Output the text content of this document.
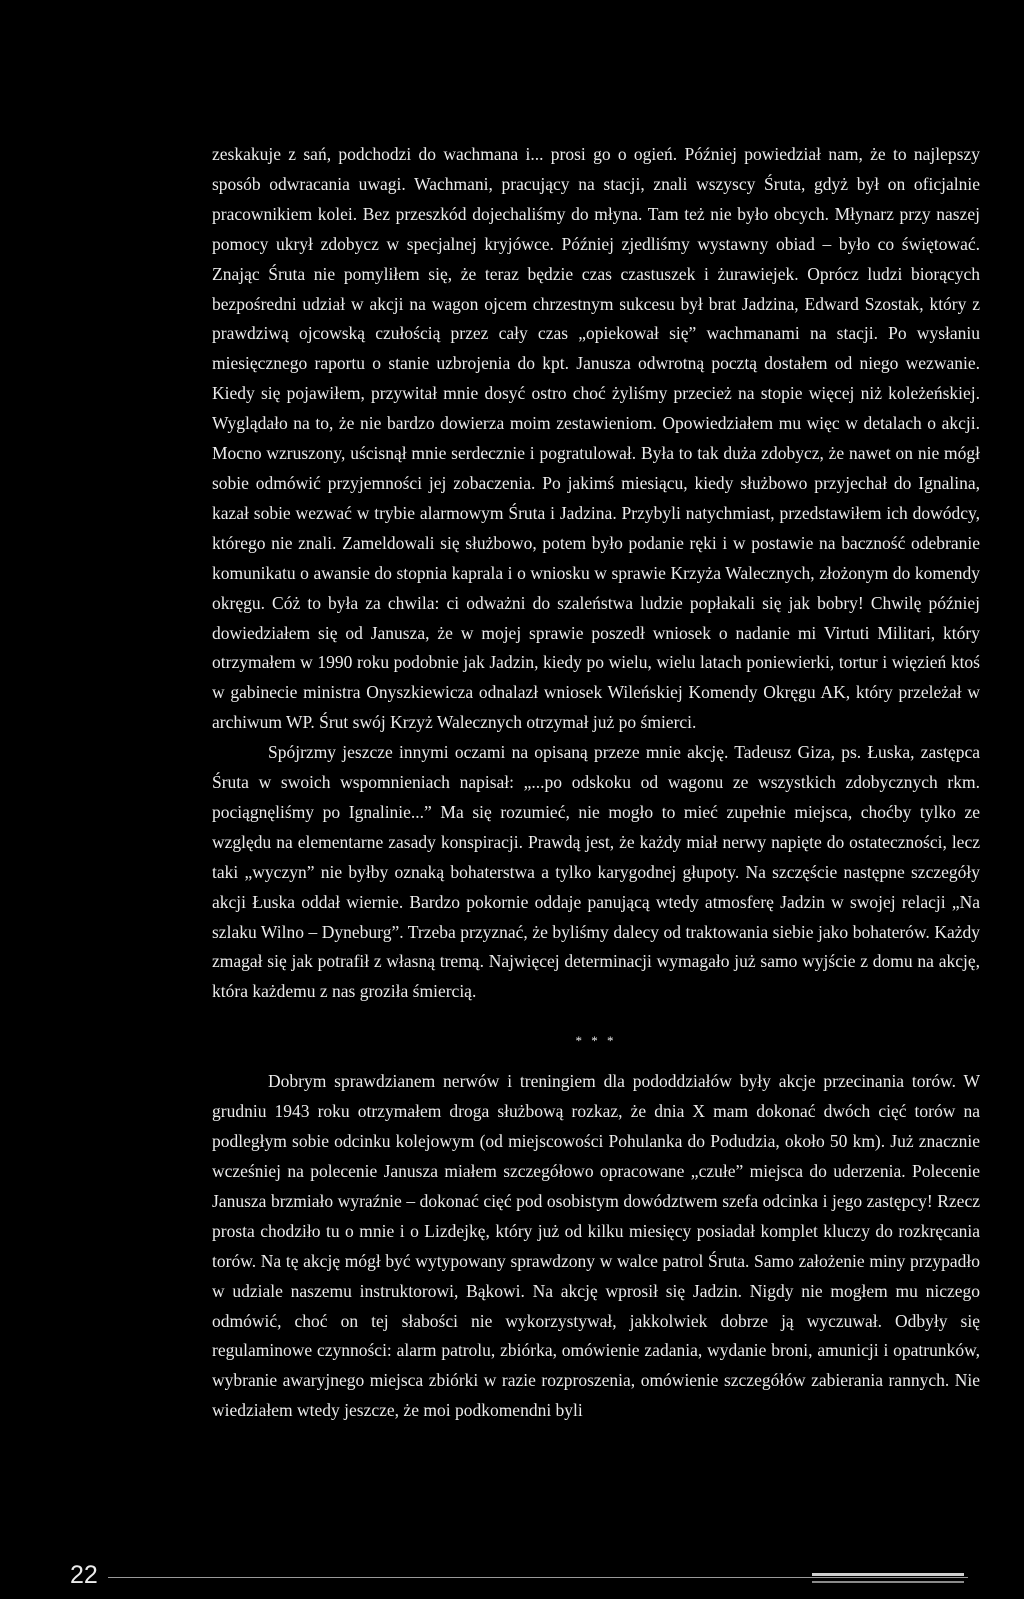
zeskakuje z sań, podchodzi do wachmana i... prosi go o ogień. Później powiedział nam, że to najlepszy sposób odwracania uwagi. Wachmani, pracujący na stacji, znali wszyscy Śruta, gdyż był on oficjalnie pracownikiem kolei. Bez przeszkód dojechaliśmy do młyna. Tam też nie było obcych. Młynarz przy naszej pomocy ukrył zdobycz w specjalnej kryjówce. Później zjedliśmy wystawny obiad – było co świętować. Znając Śruta nie pomyliłem się, że teraz będzie czas czastuszek i żurawiejek. Oprócz ludzi biorących bezpośredni udział w akcji na wagon ojcem chrzestnym sukcesu był brat Jadzina, Edward Szostak, który z prawdziwą ojcowską czułością przez cały czas „opiekował się” wachmanami na stacji. Po wysłaniu miesięcznego raportu o stanie uzbrojenia do kpt. Janusza odwrotną pocztą dostałem od niego wezwanie. Kiedy się pojawiłem, przywitał mnie dosyć ostro choć żyliśmy przecież na stopie więcej niż koleżeńskiej. Wyglądało na to, że nie bardzo dowierza moim zestawieniom. Opowiedziałem mu więc w detalach o akcji. Mocno wzruszony, uścisnął mnie serdecznie i pogratulował. Była to tak duża zdobycz, że nawet on nie mógł sobie odmówić przyjemności jej zobaczenia. Po jakimś miesiącu, kiedy służbowo przyjechał do Ignalina, kazał sobie wezwać w trybie alarmowym Śruta i Jadzina. Przybyli natychmiast, przedstawiłem ich dowódcy, którego nie znali. Zameldowali się służbowo, potem było podanie ręki i w postawie na baczność odebranie komunikatu o awansie do stopnia kaprala i o wniosku w sprawie Krzyża Walecznych, złożonym do komendy okręgu. Cóż to była za chwila: ci odważni do szaleństwa ludzie popłakali się jak bobry! Chwilę później dowiedziałem się od Janusza, że w mojej sprawie poszedł wniosek o nadanie mi Virtuti Militari, który otrzymałem w 1990 roku podobnie jak Jadzin, kiedy po wielu, wielu latach poniewierki, tortur i więzień ktoś w gabinecie ministra Onyszkiewicza odnalazł wniosek Wileńskiej Komendy Okręgu AK, który przeleżał w archiwum WP. Śrut swój Krzyż Walecznych otrzymał już po śmierci.

Spójrzmy jeszcze innymi oczami na opisaną przeze mnie akcję. Tadeusz Giza, ps. Łuska, zastępca Śruta w swoich wspomnieniach napisał: „...po odskoku od wagonu ze wszystkich zdobycznych rkm. pociągnęliśmy po Ignalinie...” Ma się rozumieć, nie mogło to mieć zupełnie miejsca, choćby tylko ze względu na elementarne zasady konspiracji. Prawdą jest, że każdy miał nerwy napięte do ostateczności, lecz taki „wyczyn” nie byłby oznaką bohaterstwa a tylko karygodnej głupoty. Na szczęście następne szczegóły akcji Łuska oddał wiernie. Bardzo pokornie oddaje panującą wtedy atmosferę Jadzin w swojej relacji „Na szlaku Wilno – Dyneburg”. Trzeba przyznać, że byliśmy dalecy od traktowania siebie jako bohaterów. Każdy zmagał się jak potrafił z własną tremą. Najwięcej determinacji wymagało już samo wyjście z domu na akcję, która każdemu z nas groziła śmiercią.

* * *

Dobrym sprawdzianem nerwów i treningiem dla pododdziałów były akcje przecinania torów. W grudniu 1943 roku otrzymałem droga służbową rozkaz, że dnia X mam dokonać dwóch cięć torów na podległym sobie odcinku kolejowym (od miejscowości Pohulanka do Podudzia, około 50 km). Już znacznie wcześniej na polecenie Janusza miałem szczegółowo opracowane „czułe” miejsca do uderzenia. Polecenie Janusza brzmiało wyraźnie – dokonać cięć pod osobistym dowództwem szefa odcinka i jego zastępcy! Rzecz prosta chodziło tu o mnie i o Lizdejkę, który już od kilku miesięcy posiadał komplet kluczy do rozkręcania torów. Na tę akcję mógł być wytypowany sprawdzony w walce patrol Śruta. Samo założenie miny przypadło w udziale naszemu instruktorowi, Bąkowi. Na akcję wprosił się Jadzin. Nigdy nie mogłem mu niczego odmówić, choć on tej słabości nie wykorzystywał, jakkolwiek dobrze ją wyczuwał. Odbyły się regulaminowe czynności: alarm patrolu, zbiórka, omówienie zadania, wydanie broni, amunicji i opatrunków, wybranie awaryjnego miejsca zbiórki w razie rozproszenia, omówienie szczegółów zabierania rannych. Nie wiedziałem wtedy jeszcze, że moi podkomendni byli

22
